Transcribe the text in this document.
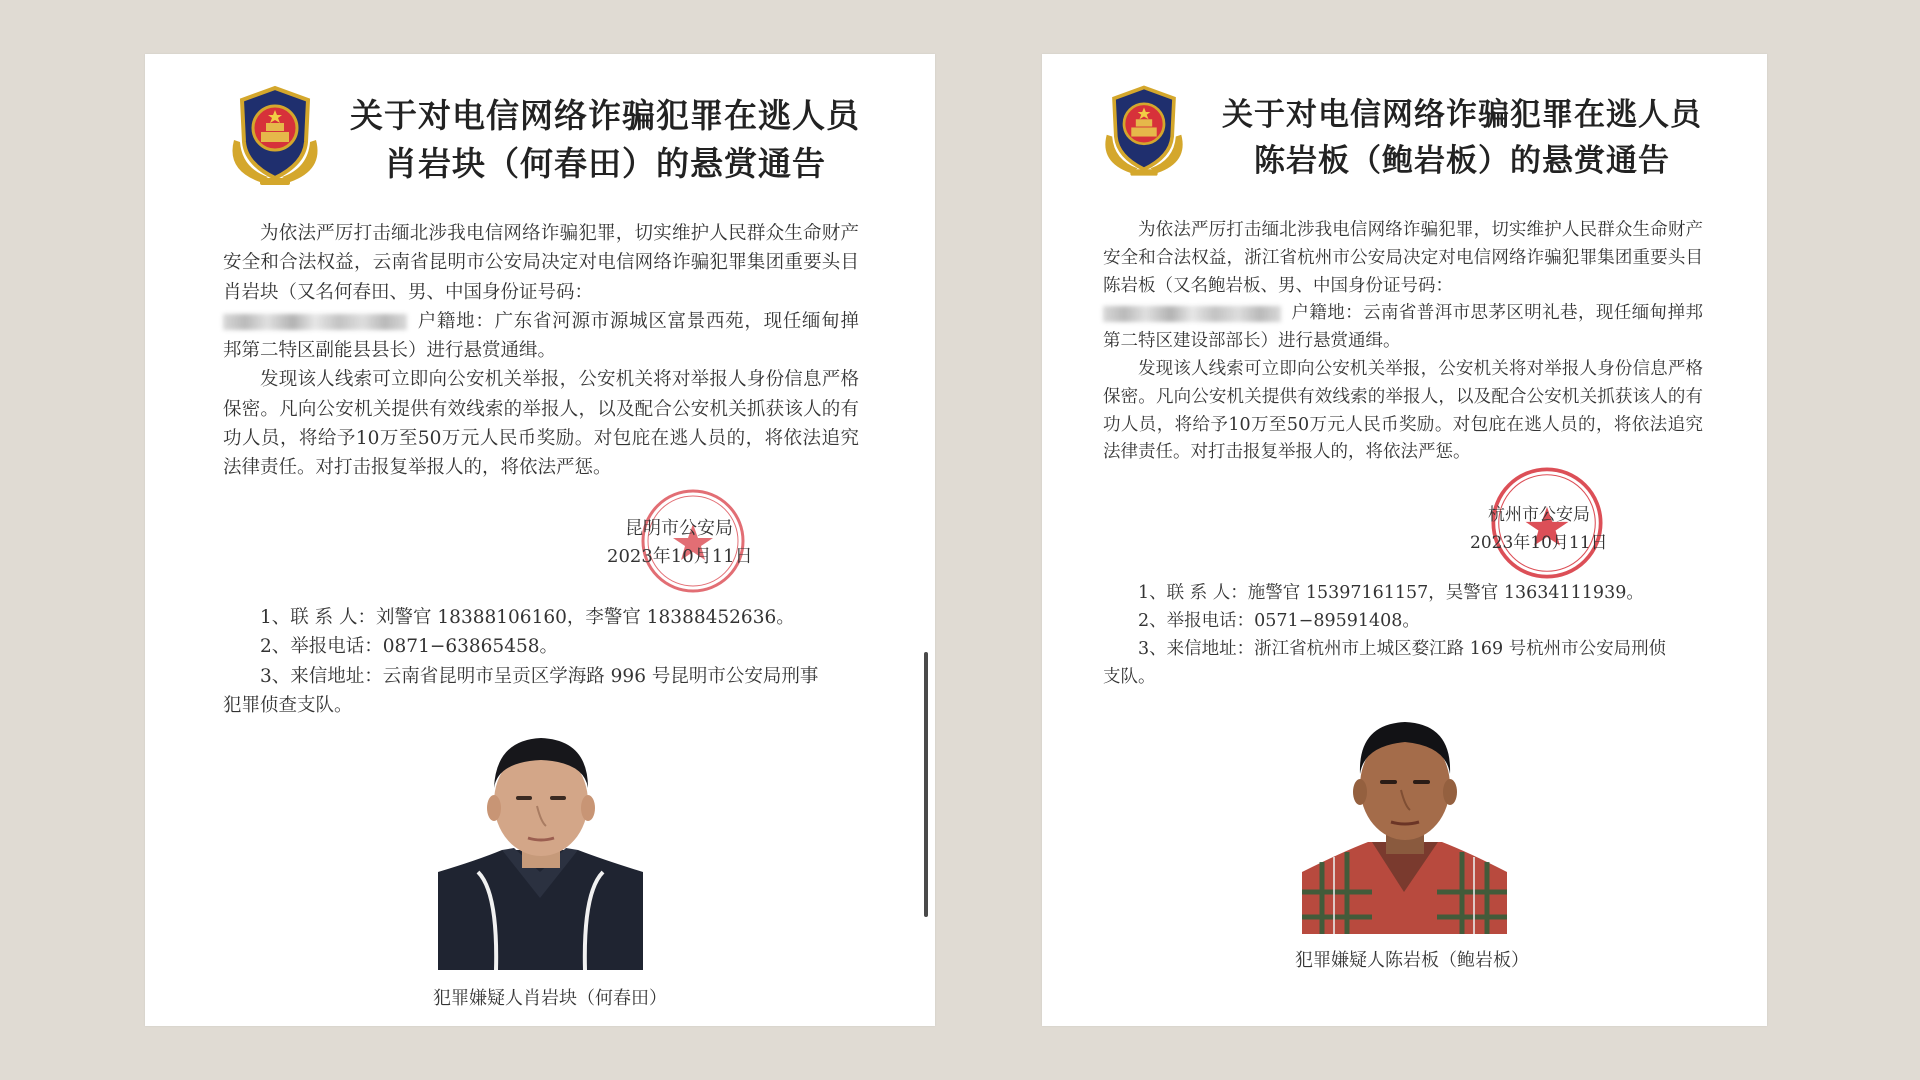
关于对电信网络诈骗犯罪在逃人员
肖岩块（何春田）的悬赏通告

为依法严厉打击缅北涉我电信网络诈骗犯罪，切实维护人民群众生命财产安全和合法权益，云南省昆明市公安局决定对电信网络诈骗犯罪集团重要头目肖岩块（又名何春田、男、中国身份证号码：
户籍地：广东省河源市源城区富景西苑，现任缅甸掸邦第二特区副能县县长）进行悬赏通缉。

发现该人线索可立即向公安机关举报，公安机关将对举报人身份信息严格保密。凡向公安机关提供有效线索的举报人，以及配合公安机关抓获该人的有功人员，将给予10万至50万元人民币奖励。对包庇在逃人员的，将依法追究法律责任。对打击报复举报人的，将依法严惩。

昆明市公安局
2023年10月11日
1、联 系 人：刘警官 18388106160，李警官 18388452636。
2、举报电话：0871−63865458。
3、来信地址：云南省昆明市呈贡区学海路 996 号昆明市公安局刑事
犯罪侦查支队。
犯罪嫌疑人肖岩块（何春田）
关于对电信网络诈骗犯罪在逃人员
陈岩板（鲍岩板）的悬赏通告

为依法严厉打击缅北涉我电信网络诈骗犯罪，切实维护人民群众生命财产安全和合法权益，浙江省杭州市公安局决定对电信网络诈骗犯罪集团重要头目陈岩板（又名鲍岩板、男、中国身份证号码：
户籍地：云南省普洱市思茅区明礼巷，现任缅甸掸邦第二特区建设部部长）进行悬赏通缉。

发现该人线索可立即向公安机关举报，公安机关将对举报人身份信息严格保密。凡向公安机关提供有效线索的举报人，以及配合公安机关抓获该人的有功人员，将给予10万至50万元人民币奖励。对包庇在逃人员的，将依法追究法律责任。对打击报复举报人的，将依法严惩。

杭州市公安局
2023年10月11日
1、联 系 人：施警官 15397161157，吴警官 13634111939。
2、举报电话：0571−89591408。
3、来信地址：浙江省杭州市上城区婺江路 169 号杭州市公安局刑侦
支队。
犯罪嫌疑人陈岩板（鲍岩板）
